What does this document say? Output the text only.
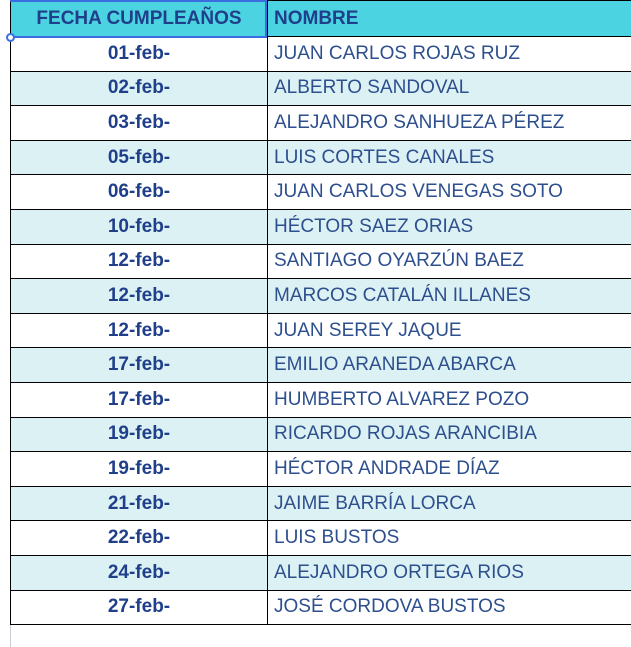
FECHA CUMPLEAÑOS	NOMBRE
01-feb-	JUAN CARLOS ROJAS RUZ
02-feb-	ALBERTO SANDOVAL
03-feb-	ALEJANDRO SANHUEZA PÉREZ
05-feb-	LUIS CORTES CANALES
06-feb-	JUAN CARLOS VENEGAS SOTO
10-feb-	HÉCTOR SAEZ ORIAS
12-feb-	SANTIAGO OYARZÚN BAEZ
12-feb-	MARCOS CATALÁN ILLANES
12-feb-	JUAN SEREY JAQUE
17-feb-	EMILIO ARANEDA ABARCA
17-feb-	HUMBERTO ALVAREZ POZO
19-feb-	RICARDO ROJAS ARANCIBIA
19-feb-	HÉCTOR ANDRADE DÍAZ
21-feb-	JAIME BARRÍA LORCA
22-feb-	LUIS BUSTOS
24-feb-	ALEJANDRO ORTEGA RIOS
27-feb-	JOSÉ CORDOVA BUSTOS
